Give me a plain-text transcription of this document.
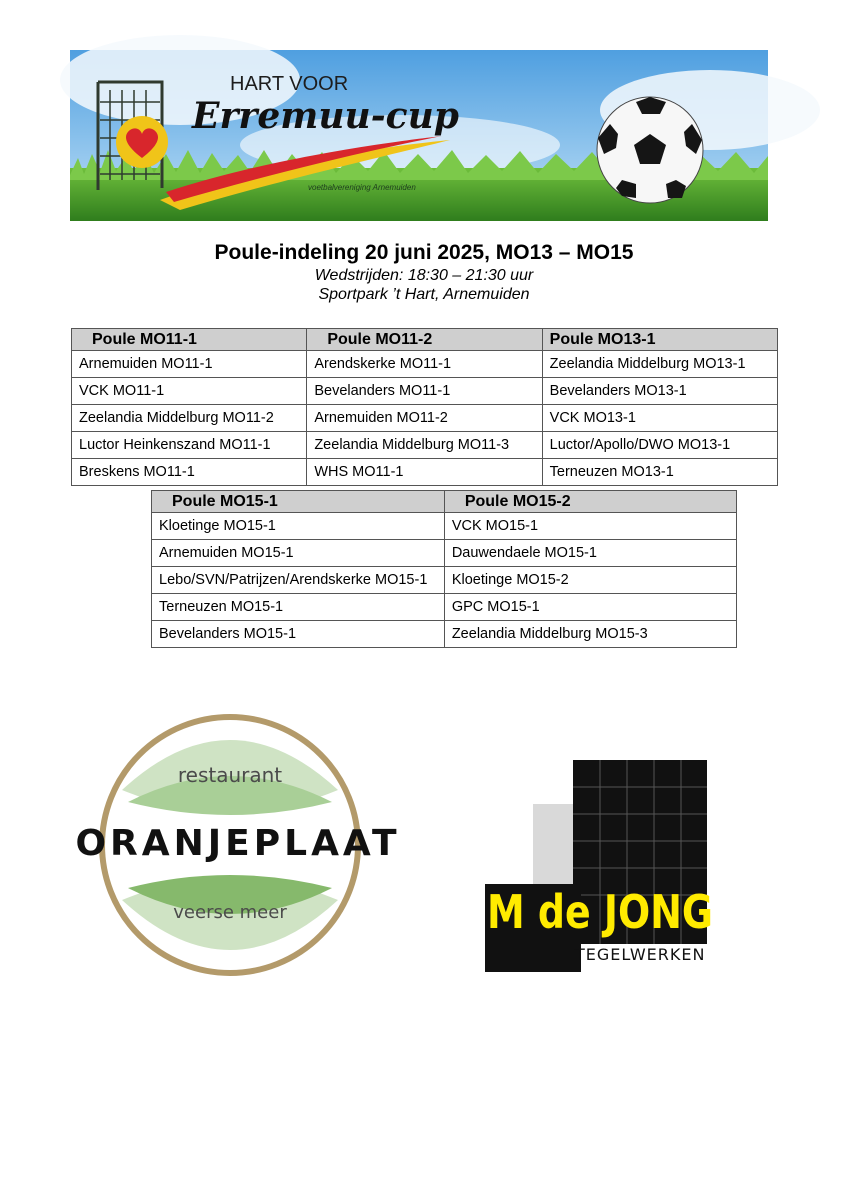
HART VOOR
Erremuu-cup
voetbalvereniging Arnemuiden
Poule-indeling 20 juni 2025, MO13 – MO15

Wedstrijden: 18:30 – 21:30 uur

Sportpark ’t Hart, Arnemuiden

Poule MO11-1	Poule MO11-2	Poule MO13-1
Arnemuiden MO11-1	Arendskerke MO11-1	Zeelandia Middelburg MO13-1
VCK MO11-1	Bevelanders MO11-1	Bevelanders MO13-1
Zeelandia Middelburg MO11-2	Arnemuiden MO11-2	VCK MO13-1
Luctor Heinkenszand MO11-1	Zeelandia Middelburg MO11-3	Luctor/Apollo/DWO MO13-1
Breskens MO11-1	WHS MO11-1	Terneuzen MO13-1
Poule MO15-1	Poule MO15-2
Kloetinge MO15-1	VCK MO15-1
Arnemuiden MO15-1	Dauwendaele MO15-1
Lebo/SVN/Patrijzen/Arendskerke MO15-1	Kloetinge MO15-2
Terneuzen MO15-1	GPC MO15-1
Bevelanders MO15-1	Zeelandia Middelburg MO15-3
restaurant
ORANJEPLAAT
veerse meer	M de JONG
TEGELWERKEN
